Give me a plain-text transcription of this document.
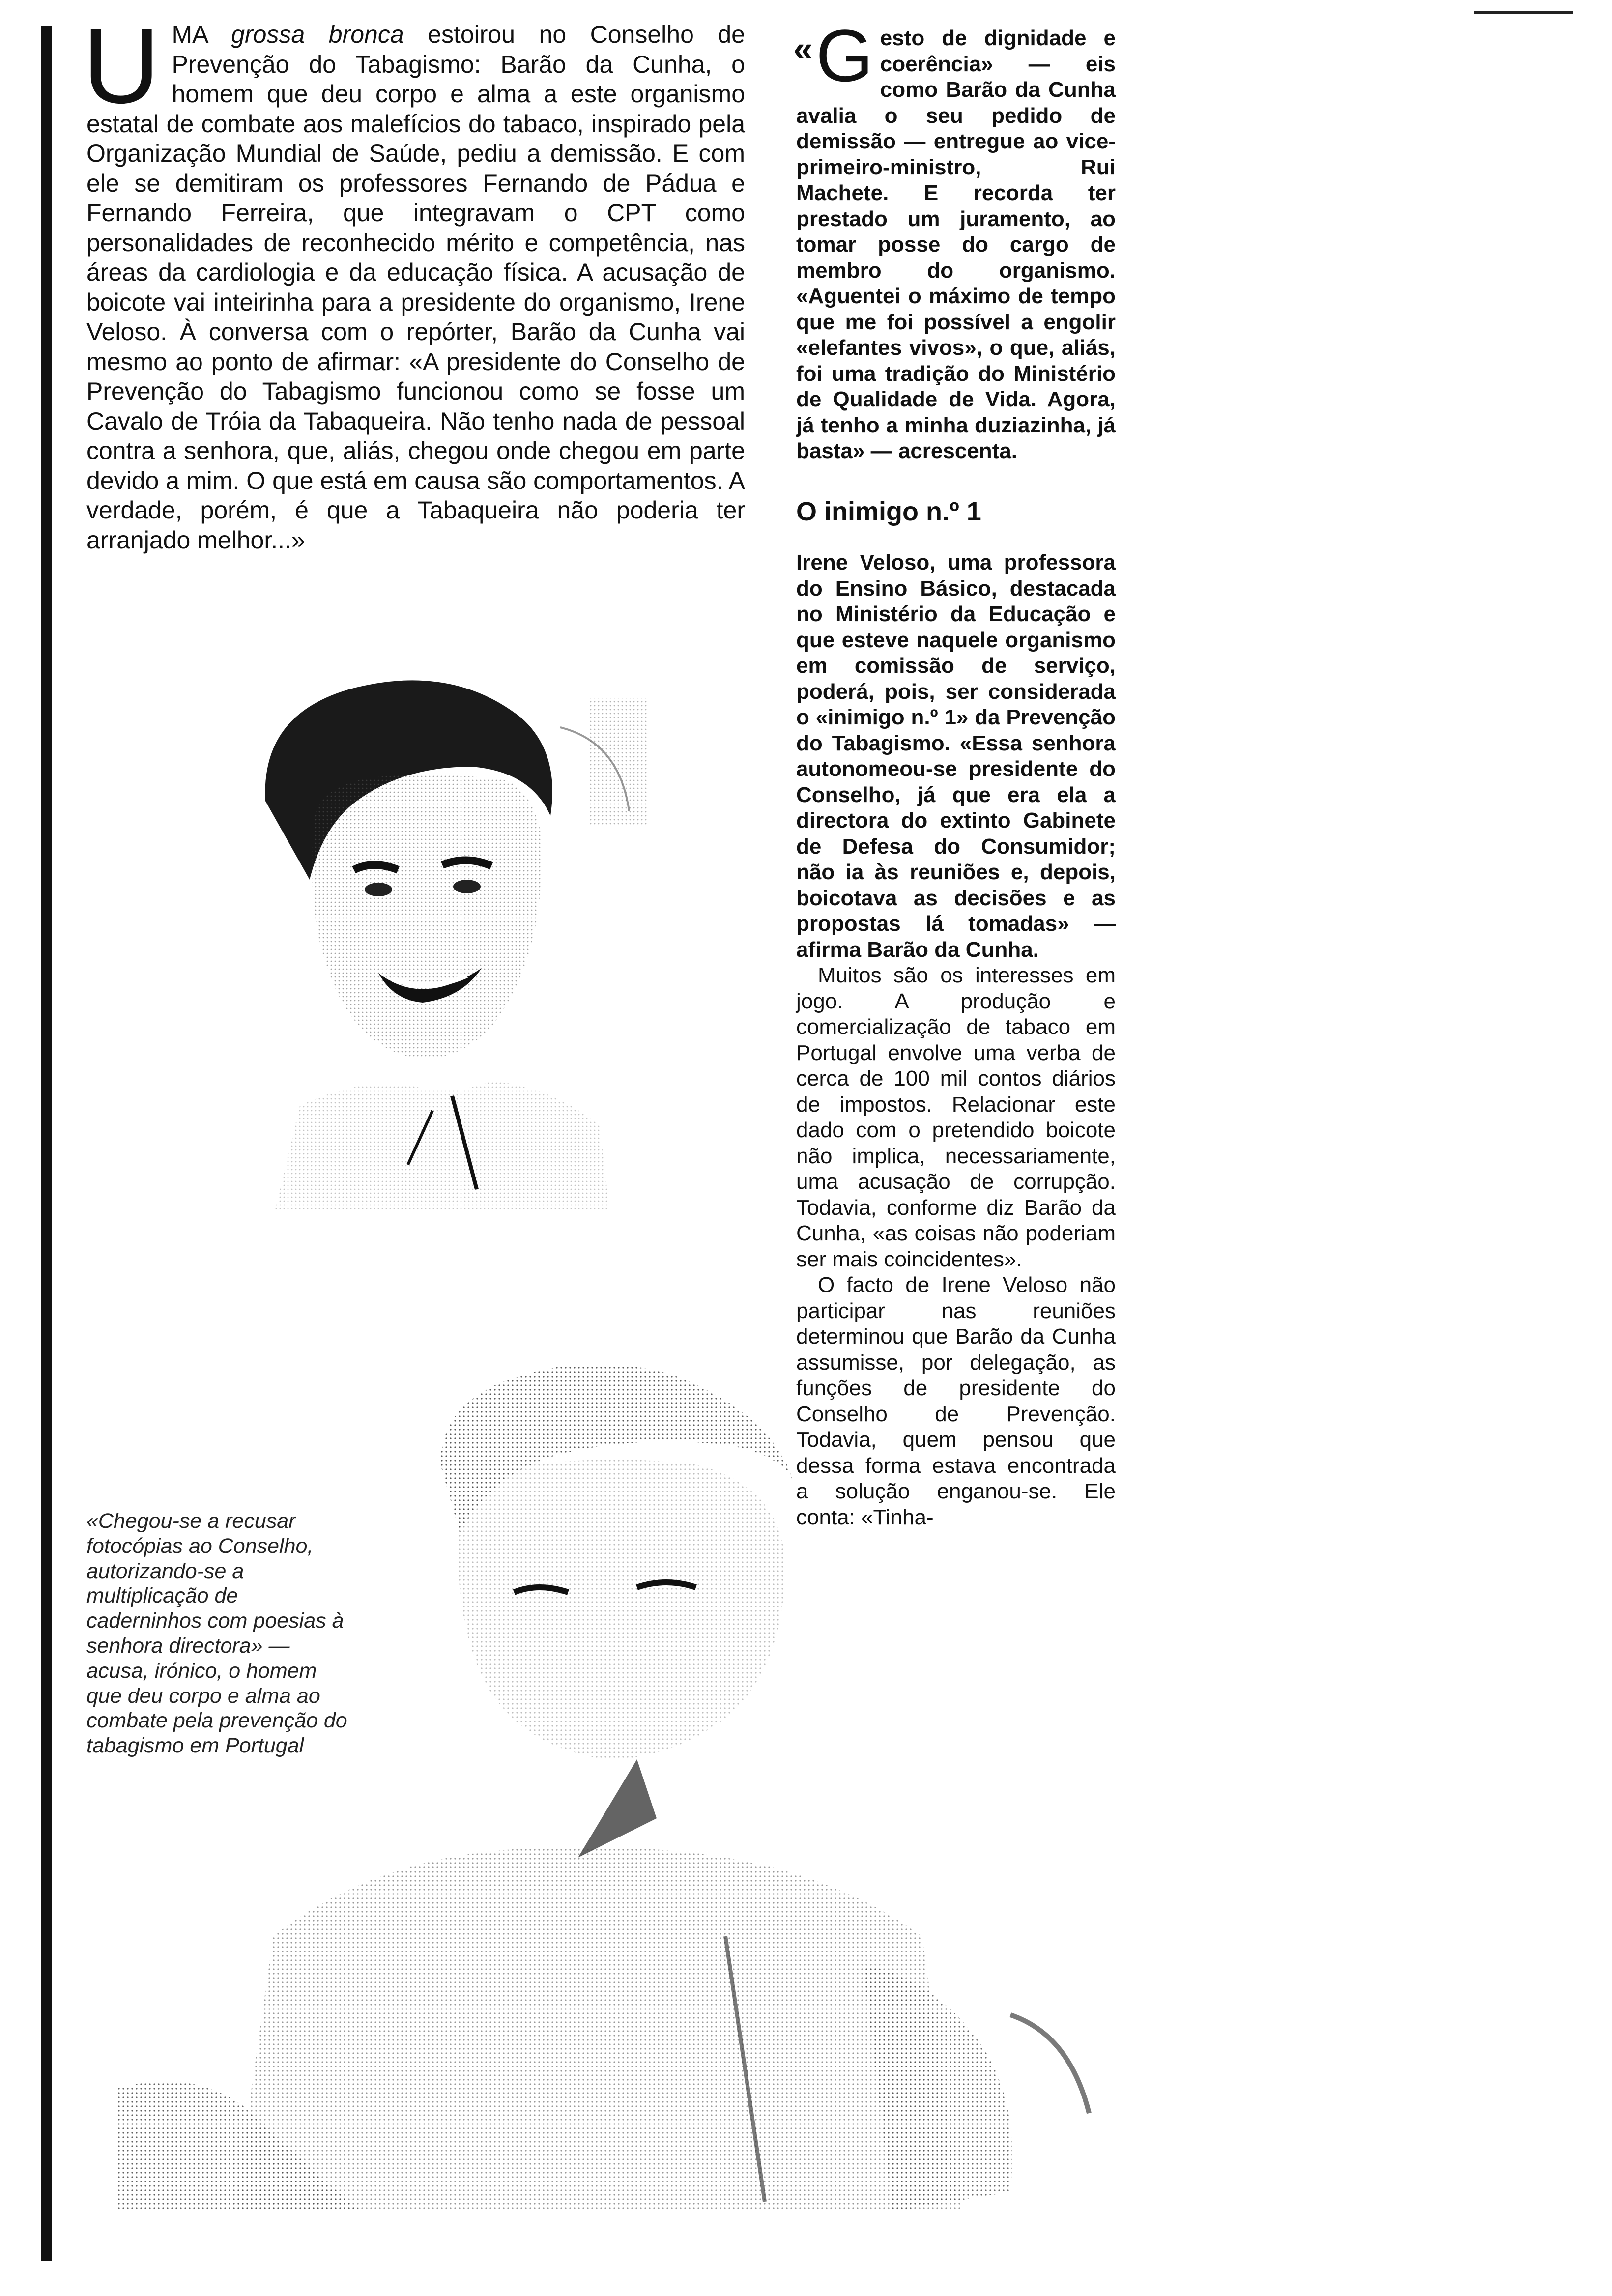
U MA grossa bronca estoirou no Conselho de Prevenção do Tabagismo: Barão da Cunha, o homem que deu corpo e alma a este organismo estatal de combate aos malefícios do tabaco, inspirado pela Organização Mundial de Saúde, pediu a demissão. E com ele se demitiram os professores Fernando de Pádua e Fernando Ferreira, que integravam o CPT como personalidades de reconhecido mérito e competência, nas áreas da cardiologia e da educação física. A acusação de boicote vai inteirinha para a presidente do organismo, Irene Veloso. À conversa com o repórter, Barão da Cunha vai mesmo ao ponto de afirmar: «A presidente do Conselho de Prevenção do Tabagismo funcionou como se fosse um Cavalo de Tróia da Tabaqueira. Não tenho nada de pessoal contra a senhora, que, aliás, chegou onde chegou em parte devido a mim. O que está em causa são comportamentos. A verdade, porém, é que a Tabaqueira não poderia ter arranjado melhor...»
«Chegou-se a recusar fotocópias ao Conselho, autorizando-se a multiplicação de caderninhos com poesias à senhora directora» — acusa, irónico, o homem que deu corpo e alma ao combate pela prevenção do tabagismo em Portugal

« G esto de dignidade e coerência» — eis como Barão da Cunha avalia o seu pedido de demissão — entregue ao vice-primeiro-ministro, Rui Machete. E recorda ter prestado um juramento, ao tomar posse do cargo de membro do organismo. «Aguentei o máximo de tempo que me foi possível a engolir «elefantes vivos», o que, aliás, foi uma tradição do Ministério de Qualidade de Vida. Agora, já tenho a minha duziazinha, já basta» — acrescenta.

O inimigo n.º 1

Irene Veloso, uma professora do Ensino Básico, destacada no Ministério da Educação e que esteve naquele organismo em comissão de serviço, poderá, pois, ser considerada o «inimigo n.º 1» da Prevenção do Tabagismo. «Essa senhora autonomeou-se presidente do Conselho, já que era ela a directora do extinto Gabinete de Defesa do Consumidor; não ia às reuniões e, depois, boicotava as decisões e as propostas lá tomadas» — afirma Barão da Cunha.

Muitos são os interesses em jogo. A produção e comercialização de tabaco em Portugal envolve uma verba de cerca de 100 mil contos diários de impostos. Relacionar este dado com o pretendido boicote não implica, necessariamente, uma acusação de corrupção. Todavia, conforme diz Barão da Cunha, «as coisas não poderiam ser mais coincidentes».

O facto de Irene Veloso não participar nas reuniões determinou que Barão da Cunha assumisse, por delegação, as funções de presidente do Conselho de Prevenção. Todavia, quem pensou que dessa forma estava encontrada a solução enganou-se. Ele conta: «Tinha-
